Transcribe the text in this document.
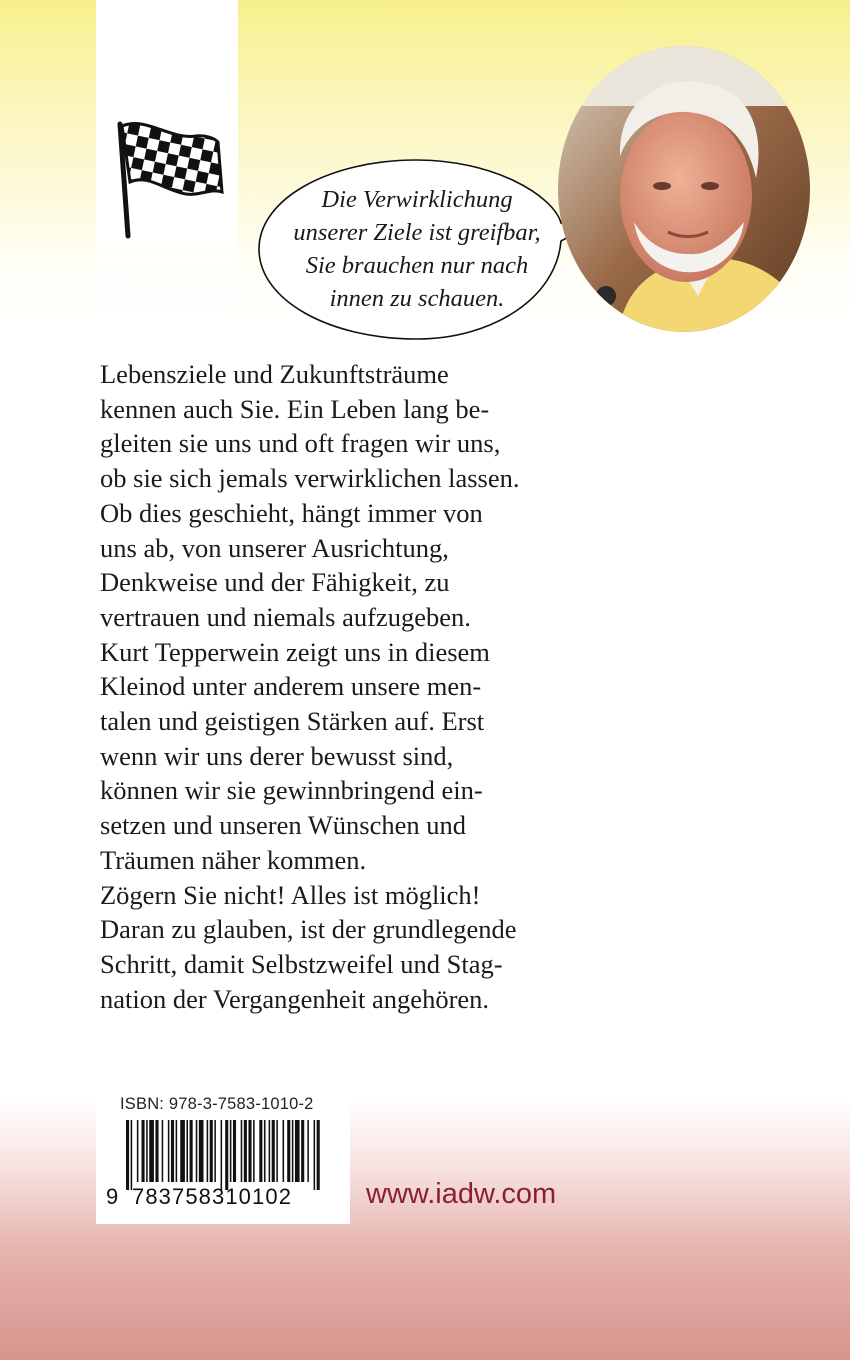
Die Verwirklichung
unserer Ziele ist greifbar,
Sie brauchen nur nach
innen zu schauen.

Lebensziele und Zukunftsträume
kennen auch Sie. Ein Leben lang be-
gleiten sie uns und oft fragen wir uns,
ob sie sich jemals verwirklichen lassen.
Ob dies geschieht, hängt immer von
uns ab, von unserer Ausrichtung,
Denkweise und der Fähigkeit, zu
vertrauen und niemals aufzugeben.
Kurt Tepperwein zeigt uns in diesem
Kleinod unter anderem unsere men-
talen und geistigen Stärken auf. Erst
wenn wir uns derer bewusst sind,
können wir sie gewinnbringend ein-
setzen und unseren Wünschen und
Träumen näher kommen.
Zögern Sie nicht! Alles ist möglich!
Daran zu glauben, ist der grundlegende
Schritt, damit Selbstzweifel und Stag-
nation der Vergangenheit angehören.

ISBN: 978-3-7583-1010-2

9 783758310102	www.iadw.com
